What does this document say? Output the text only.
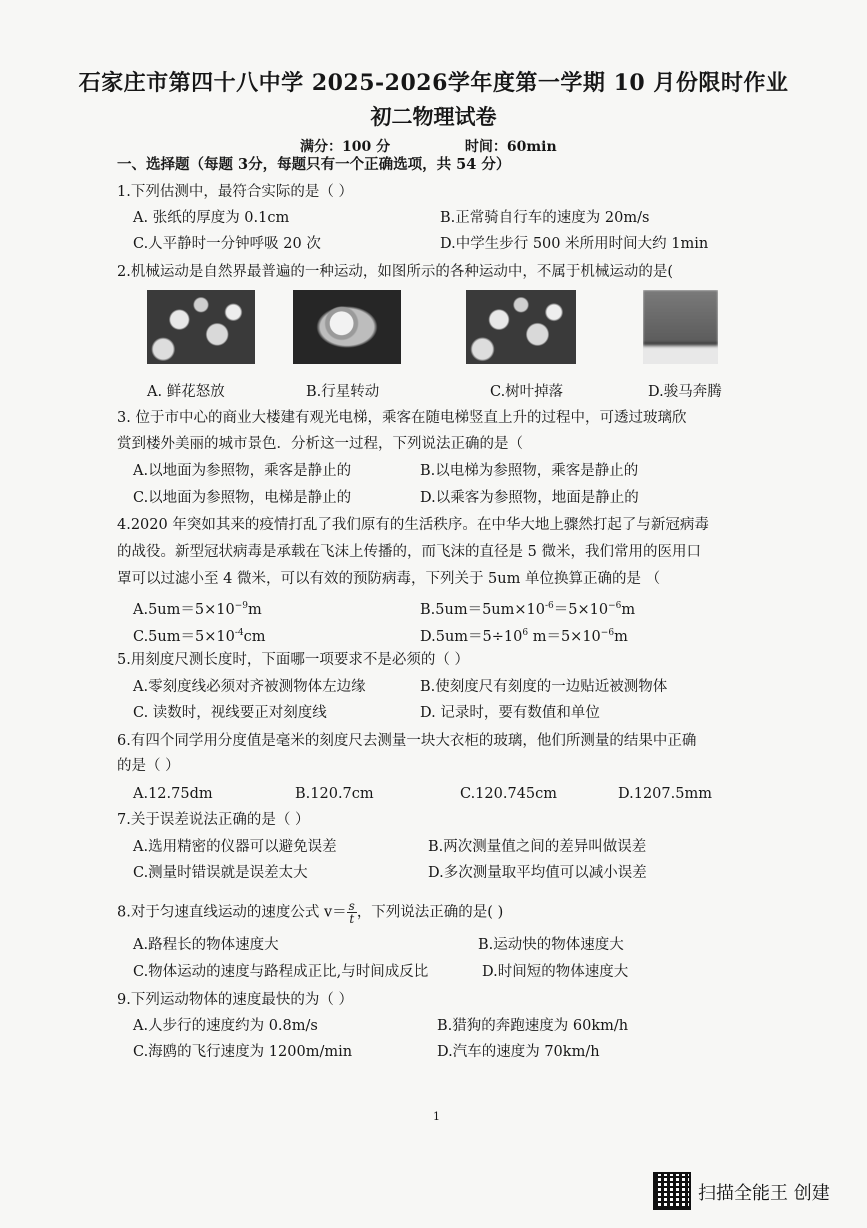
石家庄市第四十八中学 2025-2026学年度第一学期 10 月份限时作业
初二物理试卷
满分：100 分	时间：60min
一、选择题（每题 3分，每题只有一个正确选项，共 54 分）
1.下列估测中，最符合实际的是（ ）
A. 张纸的厚度为 0.1cm	B.正常骑自行车的速度为 20m/s
C.人平静时一分钟呼吸 20 次	D.中学生步行 500 米所用时间大约 1min
2.机械运动是自然界最普遍的一种运动，如图所示的各种运动中，不属于机械运动的是(
A. 鲜花怒放	B.行星转动	C.树叶掉落	D.骏马奔腾
3. 位于市中心的商业大楼建有观光电梯，乘客在随电梯竖直上升的过程中，可透过玻璃欣
赏到楼外美丽的城市景色．分析这一过程，下列说法正确的是（
A.以地面为参照物，乘客是静止的	B.以电梯为参照物，乘客是静止的
C.以地面为参照物，电梯是静止的	D.以乘客为参照物，地面是静止的
4.2020 年突如其来的疫情打乱了我们原有的生活秩序。在中华大地上骤然打起了与新冠病毒
的战役。新型冠状病毒是承载在飞沫上传播的，而飞沫的直径是 5 微米，我们常用的医用口
罩可以过滤小至 4 微米，可以有效的预防病毒，下列关于 5um 单位换算正确的是 （
$A.5um=5\times 10^{-9}m$	$B.5um=5um\times 10^{-6}=5\times 10^{-6}m$
$C.5um=5\times 10^{-4}cm$	$D.5um=5\div 10^6$ $m=5\times 10^{-6}m$
5.用刻度尺测长度时，下面哪一项要求不是必须的（ ）
A.零刻度线必须对齐被测物体左边缘	B.使刻度尺有刻度的一边贴近被测物体
C. 读数时，视线要正对刻度线	D. 记录时，要有数值和单位
6.有四个同学用分度值是毫米的刻度尺去测量一块大衣柜的玻璃，他们所测量的结果中正确
的是（ ）
A.12.75dm	B.120.7cm	C.120.745cm	D.1207.5mm
7.关于误差说法正确的是（ ）
A.选用精密的仪器可以避免误差	B.两次测量值之间的差异叫做误差
C.测量时错误就是误差太大	D.多次测量取平均值可以减小误差
8.对于匀速直线运动的速度公式 $v= \frac{s}{t}$ ，下列说法正确的是( )
A.路程长的物体速度大	B.运动快的物体速度大
C.物体运动的速度与路程成正比,与时间成反比	D.时间短的物体速度大
9.下列运动物体的速度最快的为（ ）
A.人步行的速度约为 0.8m/s	B.猎狗的奔跑速度为 60km/h
C.海鸥的飞行速度为 1200m/min	D.汽车的速度为 70km/h
1
扫描全能王 创建
